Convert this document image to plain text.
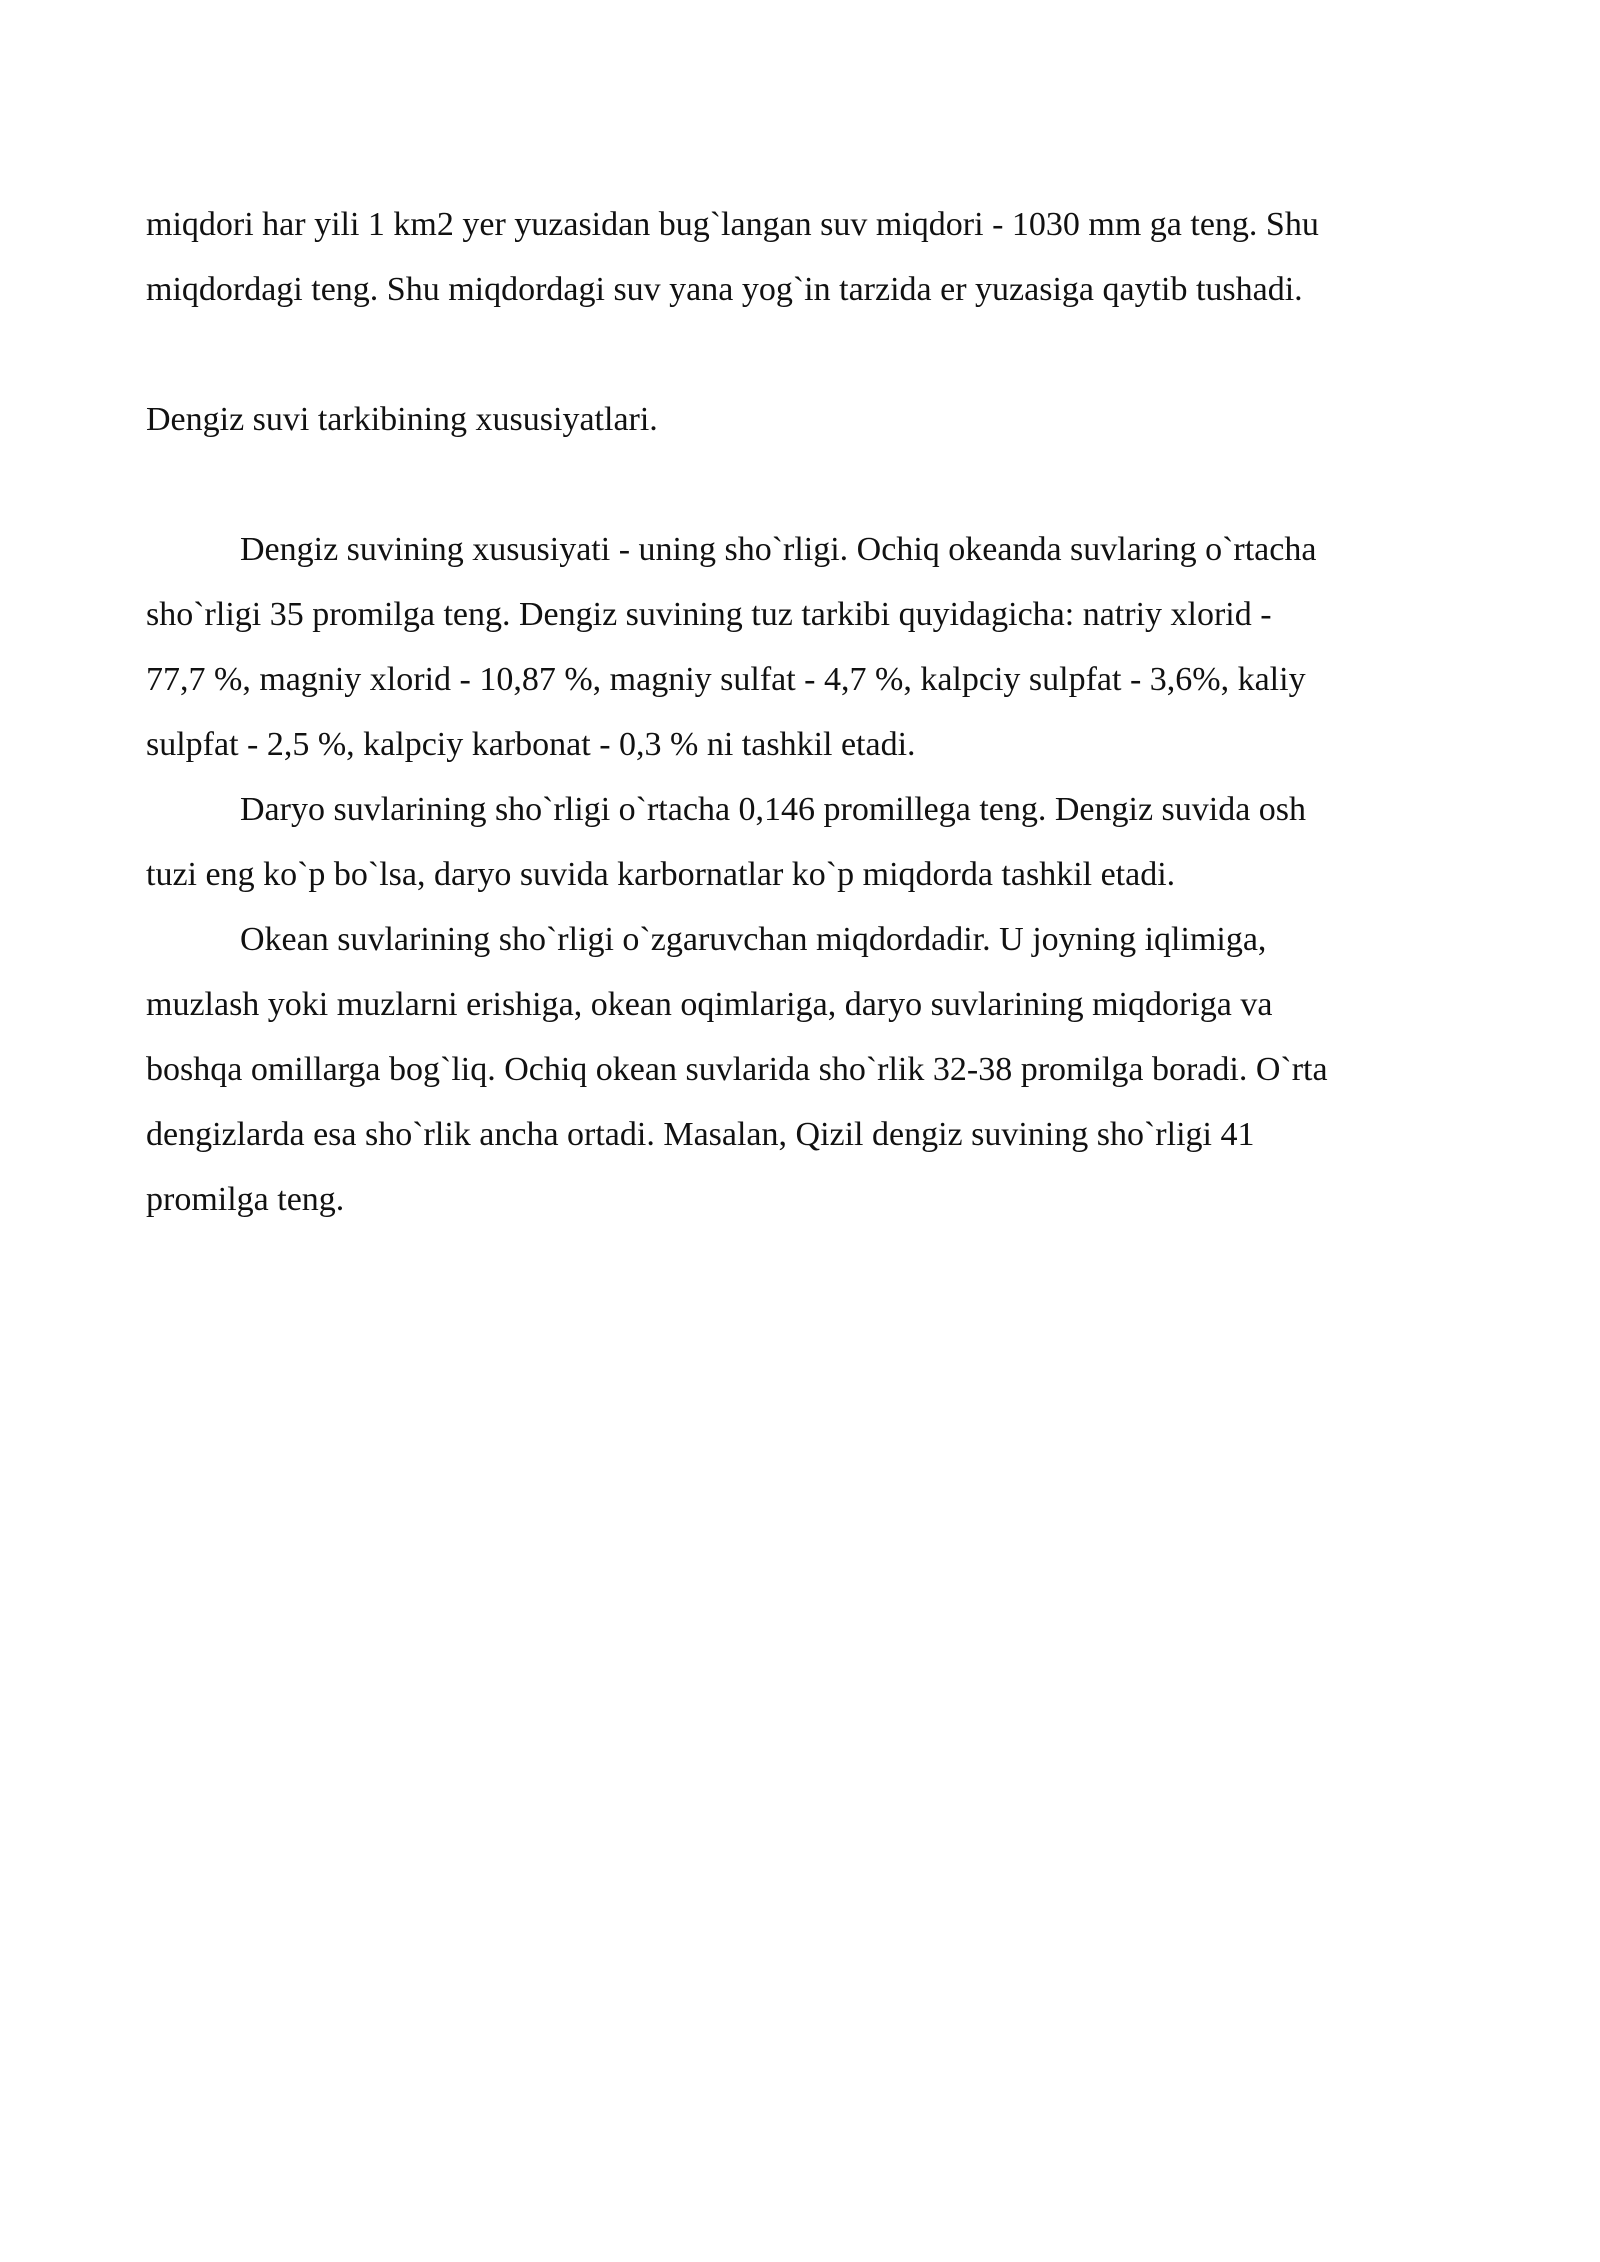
miqdori har yili 1 km2 yer yuzasidan bug`langan suv miqdori - 1030 mm ga teng. Shu
miqdordagi teng. Shu miqdordagi suv yana yog`in tarzida er yuzasiga qaytib tushadi.

Dengiz suvi tarkibining xususiyatlari.

Dengiz suvining xususiyati - uning sho`rligi. Ochiq okeanda suvlaring o`rtacha
sho`rligi 35 promilga teng. Dengiz suvining tuz tarkibi quyidagicha: natriy xlorid -
77,7 %, magniy xlorid - 10,87 %, magniy sulfat - 4,7 %, kalpciy sulpfat - 3,6%, kaliy
sulpfat - 2,5 %, kalpciy karbonat - 0,3 % ni tashkil etadi.

Daryo suvlarining sho`rligi o`rtacha 0,146 promillega teng. Dengiz suvida osh
tuzi eng ko`p bo`lsa, daryo suvida karbornatlar ko`p miqdorda tashkil etadi.

Okean suvlarining sho`rligi o`zgaruvchan miqdordadir. U joyning iqlimiga,
muzlash yoki muzlarni erishiga, okean oqimlariga, daryo suvlarining miqdoriga va
boshqa omillarga bog`liq. Ochiq okean suvlarida sho`rlik 32-38 promilga boradi. O`rta
dengizlarda esa sho`rlik ancha ortadi. Masalan, Qizil dengiz suvining sho`rligi 41
promilga teng.
